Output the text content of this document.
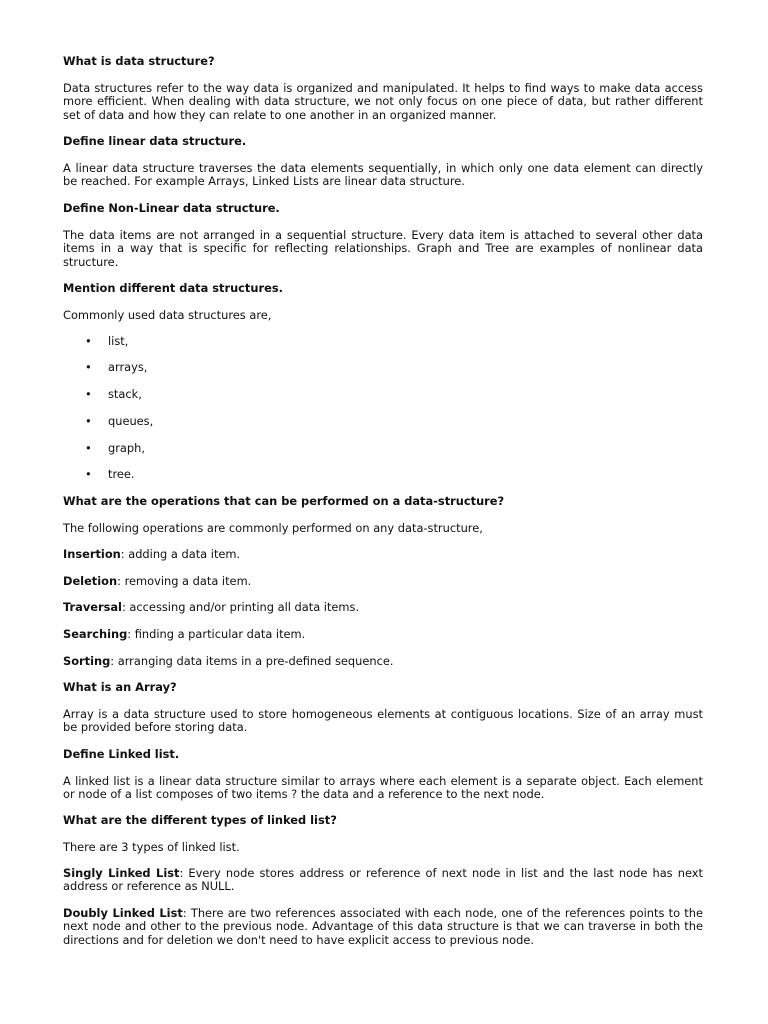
What is data structure?

Data structures refer to the way data is organized and manipulated. It helps to find ways to make data access more efficient. When dealing with data structure, we not only focus on one piece of data, but rather different set of data and how they can relate to one another in an organized manner.

Define linear data structure.

A linear data structure traverses the data elements sequentially, in which only one data element can directly be reached. For example Arrays, Linked Lists are linear data structure.

Define Non-Linear data structure.

The data items are not arranged in a sequential structure. Every data item is attached to several other data items in a way that is specific for reflecting relationships. Graph and Tree are examples of nonlinear data structure.

Mention different data structures.

Commonly used data structures are,

• list,

• arrays,

• stack,

• queues,

• graph,

• tree.

What are the operations that can be performed on a data-structure?

The following operations are commonly performed on any data-structure,

Insertion: adding a data item.

Deletion: removing a data item.

Traversal: accessing and/or printing all data items.

Searching: finding a particular data item.

Sorting: arranging data items in a pre-defined sequence.

What is an Array?

Array is a data structure used to store homogeneous elements at contiguous locations. Size of an array must be provided before storing data.

Define Linked list.

A linked list is a linear data structure similar to arrays where each element is a separate object. Each element or node of a list composes of two items ? the data and a reference to the next node.

What are the different types of linked list?

There are 3 types of linked list.

Singly Linked List: Every node stores address or reference of next node in list and the last node has next address or reference as NULL.

Doubly Linked List: There are two references associated with each node, one of the references points to the next node and other to the previous node. Advantage of this data structure is that we can traverse in both the directions and for deletion we don't need to have explicit access to previous node.
